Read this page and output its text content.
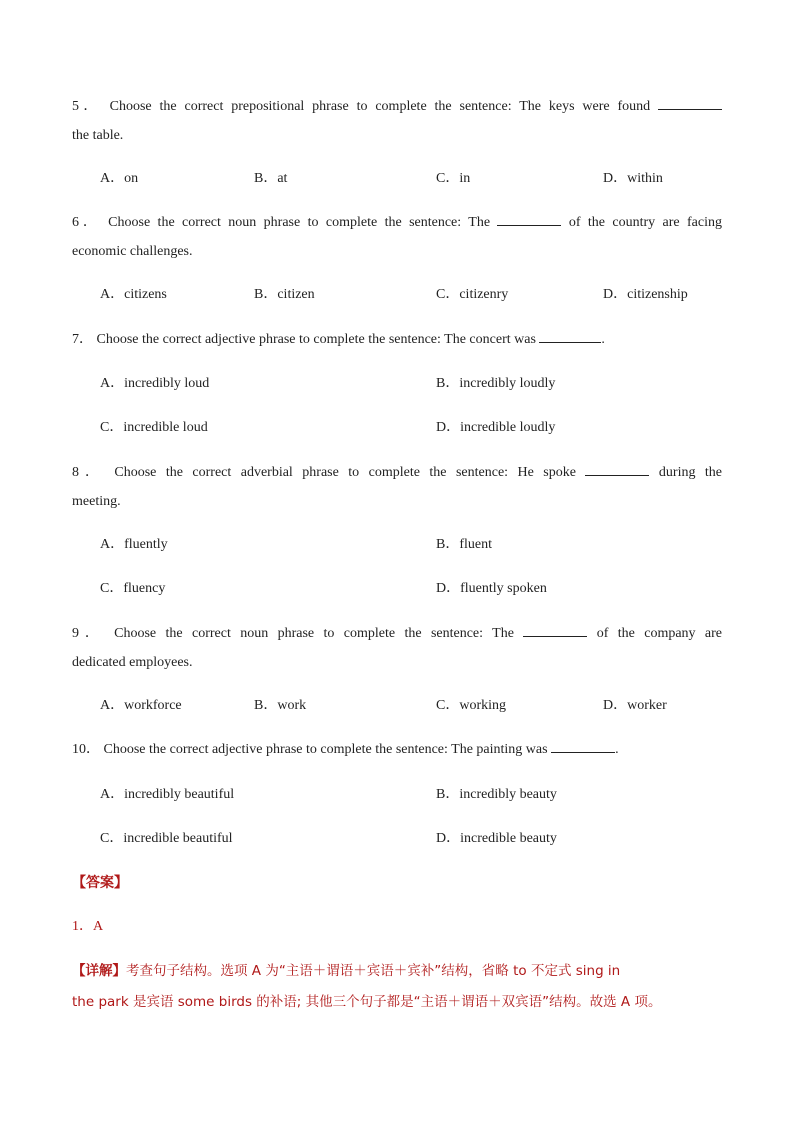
5． Choose the correct prepositional phrase to complete the sentence: The keys were found
the table.
A．on	B．at	C．in	D．within
6． Choose the correct noun phrase to complete the sentence: The	of the country are facing
economic challenges.
A．citizens	B．citizen	C．citizenry	D．citizenship
7． Choose the correct adjective phrase to complete the sentence: The concert was	.
A．incredibly loud	B．incredibly loudly
C．incredible loud	D．incredible loudly
8． Choose the correct adverbial phrase to complete the sentence: He spoke	during the
meeting.
A．fluently	B．fluent
C．fluency	D．fluently spoken
9． Choose the correct noun phrase to complete the sentence: The	of the company are
dedicated employees.
A．workforce	B．work	C．working	D．worker
10． Choose the correct adjective phrase to complete the sentence: The painting was	.
A．incredibly beautiful	B．incredibly beauty
C．incredible beautiful	D．incredible beauty
【答案】
1．A
【详解】考查句子结构。选项 A 为“主语＋谓语＋宾语＋宾补”结构，省略 to 不定式 sing in
the park 是宾语 some birds 的补语; 其他三个句子都是“主语＋谓语＋双宾语”结构。故选 A 项。
